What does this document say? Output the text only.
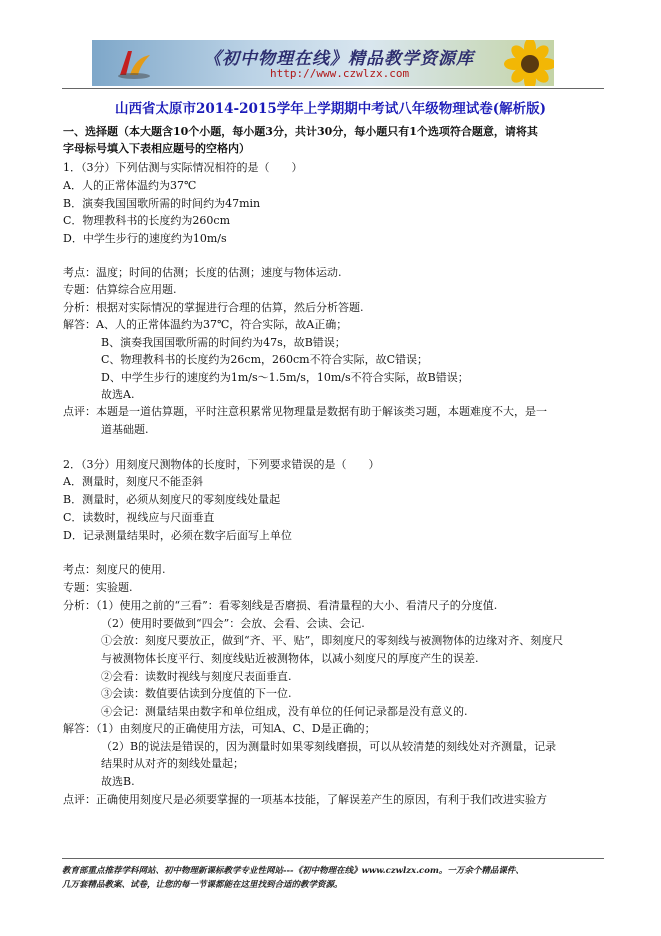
《初中物理在线》精品教学资源库
http://www.czwlzx.com
山西省太原市2014-2015学年上学期期中考试八年级物理试卷(解析版)
一、选择题（本大题含10个小题，每小题3分，共计30分，每小题只有1个选项符合题意，请将其
字母标号填入下表相应题号的空格内）
1．（3分）下列估测与实际情况相符的是（　　）
A．人的正常体温约为37℃
B．演奏我国国歌所需的时间约为47min
C．物理教科书的长度约为260cm
D．中学生步行的速度约为10m/s
考点：温度；时间的估测；长度的估测；速度与物体运动.
专题：估算综合应用题.
分析：根据对实际情况的掌握进行合理的估算，然后分析答题.
解答：A、人的正常体温约为37℃，符合实际，故A正确；
B、演奏我国国歌所需的时间约为47s，故B错误；
C、物理教科书的长度约为26cm，260cm不符合实际，故C错误；
D、中学生步行的速度约为1m/s～1.5m/s，10m/s不符合实际，故B错误；
故选A.
点评：本题是一道估算题，平时注意积累常见物理量是数据有助于解该类习题，本题难度不大，是一
道基础题.
2．（3分）用刻度尺测物体的长度时，下列要求错误的是（　　）
A．测量时，刻度尺不能歪斜
B．测量时，必须从刻度尺的零刻度线处量起
C．读数时，视线应与尺面垂直
D．记录测量结果时，必须在数字后面写上单位
考点：刻度尺的使用.
专题：实验题.
分析：（1）使用之前的“三看”：看零刻线是否磨损、看清量程的大小、看清尺子的分度值.
（2）使用时要做到“四会”：会放、会看、会读、会记.
①会放：刻度尺要放正，做到“齐、平、贴”，即刻度尺的零刻线与被测物体的边缘对齐、刻度尺
与被测物体长度平行、刻度线贴近被测物体，以减小刻度尺的厚度产生的误差.
②会看：读数时视线与刻度尺表面垂直.
③会读：数值要估读到分度值的下一位.
④会记：测量结果由数字和单位组成，没有单位的任何记录都是没有意义的.
解答：（1）由刻度尺的正确使用方法，可知A、C、D是正确的；
（2）B的说法是错误的，因为测量时如果零刻线磨损，可以从较清楚的刻线处对齐测量，记录
结果时从对齐的刻线处量起；
故选B.
点评：正确使用刻度尺是必须要掌握的一项基本技能，了解误差产生的原因，有利于我们改进实验方
教育部重点推荐学科网站、初中物理新课标教学专业性网站---《初中物理在线》www.czwlzx.com。一万余个精品课件、
几万套精品教案、试卷，让您的每一节课都能在这里找到合适的教学资源。
